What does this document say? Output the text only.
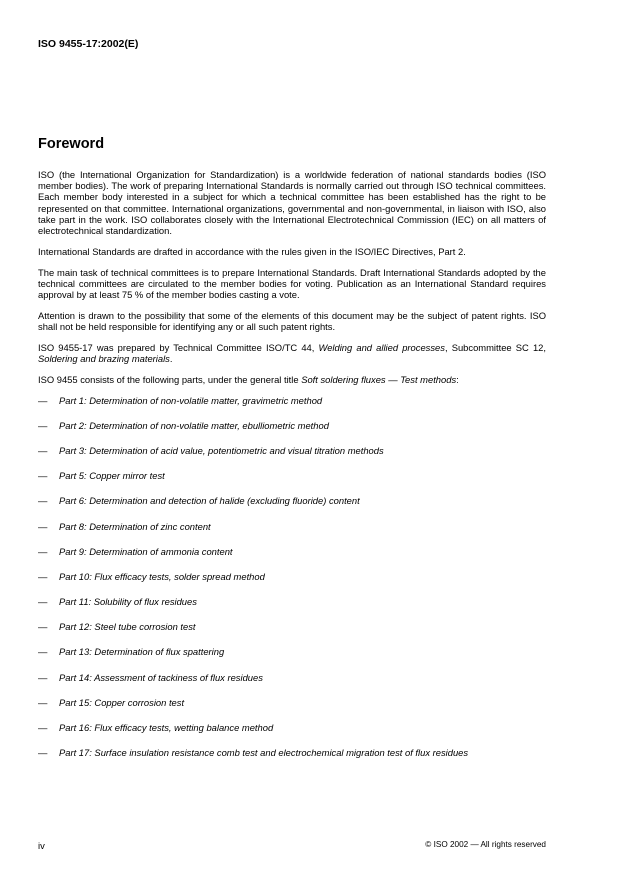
ISO 9455-17:2002(E)
Foreword

ISO (the International Organization for Standardization) is a worldwide federation of national standards bodies (ISO member bodies). The work of preparing International Standards is normally carried out through ISO technical committees. Each member body interested in a subject for which a technical committee has been established has the right to be represented on that committee. International organizations, governmental and non-governmental, in liaison with ISO, also take part in the work. ISO collaborates closely with the International Electrotechnical Commission (IEC) on all matters of electrotechnical standardization.

International Standards are drafted in accordance with the rules given in the ISO/IEC Directives, Part 2.

The main task of technical committees is to prepare International Standards. Draft International Standards adopted by the technical committees are circulated to the member bodies for voting. Publication as an International Standard requires approval by at least 75 % of the member bodies casting a vote.

Attention is drawn to the possibility that some of the elements of this document may be the subject of patent rights. ISO shall not be held responsible for identifying any or all such patent rights.

ISO 9455-17 was prepared by Technical Committee ISO/TC 44, Welding and allied processes, Subcommittee SC 12, Soldering and brazing materials.

ISO 9455 consists of the following parts, under the general title Soft soldering fluxes — Test methods:

— Part 1: Determination of non-volatile matter, gravimetric method
— Part 2: Determination of non-volatile matter, ebulliometric method
— Part 3: Determination of acid value, potentiometric and visual titration methods
— Part 5: Copper mirror test
— Part 6: Determination and detection of halide (excluding fluoride) content
— Part 8: Determination of zinc content
— Part 9: Determination of ammonia content
— Part 10: Flux efficacy tests, solder spread method
— Part 11: Solubility of flux residues
— Part 12: Steel tube corrosion test
— Part 13: Determination of flux spattering
— Part 14: Assessment of tackiness of flux residues
— Part 15: Copper corrosion test
— Part 16: Flux efficacy tests, wetting balance method
— Part 17: Surface insulation resistance comb test and electrochemical migration test of flux residues
iv	© ISO 2002 — All rights reserved
